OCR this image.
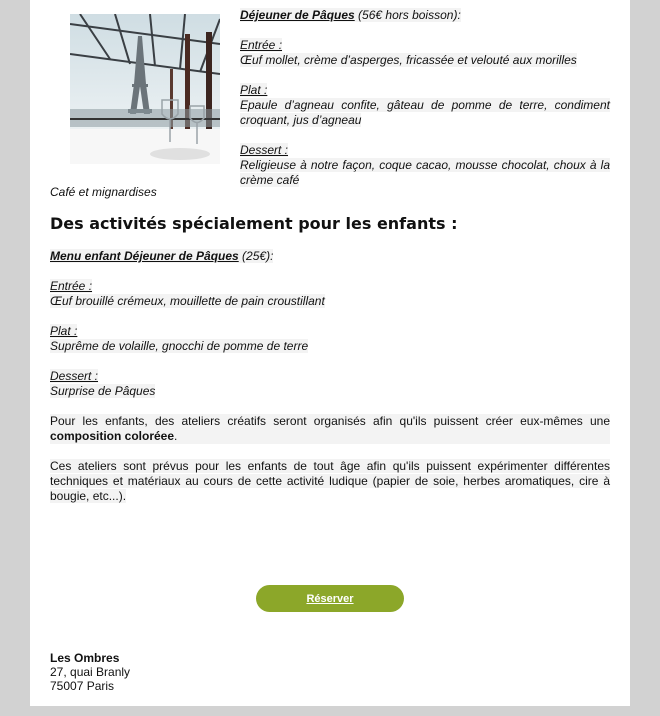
Déjeuner de Pâques (56€ hors boisson):

Entrée :

Œuf mollet, crème d’asperges, fricassée et velouté aux morilles

Plat :

Epaule d’agneau confite, gâteau de pomme de terre, condiment croquant, jus d’agneau

Dessert :

Religieuse à notre façon, coque cacao, mousse chocolat, choux à la crème café

Café et mignardises
Des activités spécialement pour les enfants :

Menu enfant Déjeuner de Pâques (25€):

Entrée :

Œuf brouillé crémeux, mouillette de pain croustillant

Plat :

Suprême de volaille, gnocchi de pomme de terre

Dessert :

Surprise de Pâques

Pour les enfants, des ateliers créatifs seront organisés afin qu'ils puissent créer eux-mêmes une composition coloréee.

Ces ateliers sont prévus pour les enfants de tout âge afin qu'ils puissent expérimenter différentes techniques et matériaux au cours de cette activité ludique (papier de soie, herbes aromatiques, cire à bougie, etc...).

Réserver
Les Ombres
27, quai Branly
75007 Paris
